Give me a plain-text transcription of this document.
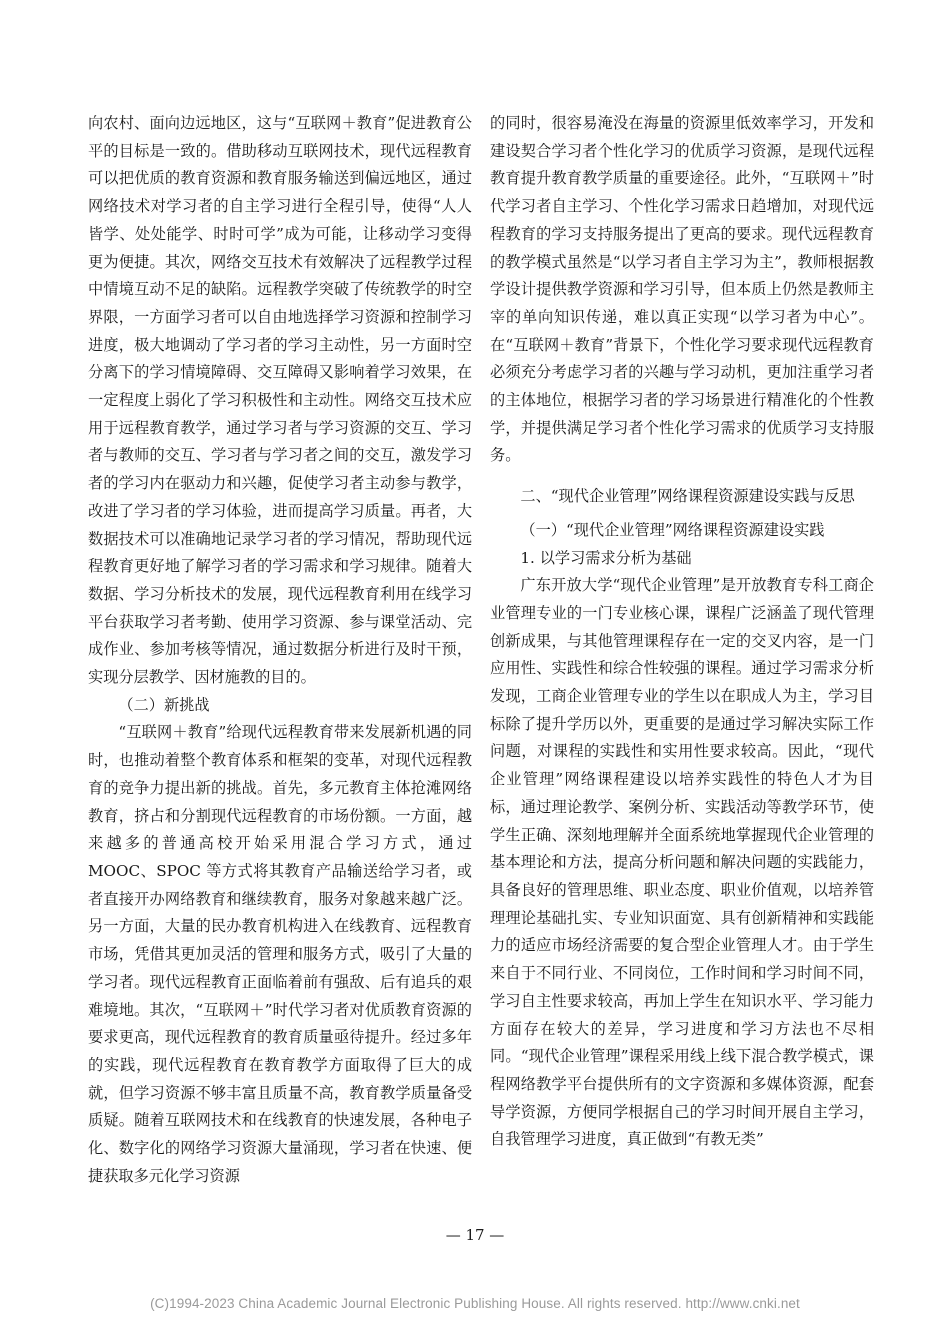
向农村、面向边远地区，这与“互联网＋教育”促进教育公平的目标是一致的。借助移动互联网技术，现代远程教育可以把优质的教育资源和教育服务输送到偏远地区，通过网络技术对学习者的自主学习进行全程引导，使得“人人皆学、处处能学、时时可学”成为可能，让移动学习变得更为便捷。其次，网络交互技术有效解决了远程教学过程中情境互动不足的缺陷。远程教学突破了传统教学的时空界限，一方面学习者可以自由地选择学习资源和控制学习进度，极大地调动了学习者的学习主动性，另一方面时空分离下的学习情境障碍、交互障碍又影响着学习效果，在一定程度上弱化了学习积极性和主动性。网络交互技术应用于远程教育教学，通过学习者与学习资源的交互、学习者与教师的交互、学习者与学习者之间的交互，激发学习者的学习内在驱动力和兴趣，促使学习者主动参与教学，改进了学习者的学习体验，进而提高学习质量。再者，大数据技术可以准确地记录学习者的学习情况，帮助现代远程教育更好地了解学习者的学习需求和学习规律。随着大数据、学习分析技术的发展，现代远程教育利用在线学习平台获取学习者考勤、使用学习资源、参与课堂活动、完成作业、参加考核等情况，通过数据分析进行及时干预，实现分层教学、因材施教的目的。

（二）新挑战

“互联网＋教育”给现代远程教育带来发展新机遇的同时，也推动着整个教育体系和框架的变革，对现代远程教育的竞争力提出新的挑战。首先，多元教育主体抢滩网络教育，挤占和分割现代远程教育的市场份额。一方面，越来越多的普通高校开始采用混合学习方式，通过 MOOC、SPOC 等方式将其教育产品输送给学习者，或者直接开办网络教育和继续教育，服务对象越来越广泛。另一方面，大量的民办教育机构进入在线教育、远程教育市场，凭借其更加灵活的管理和服务方式，吸引了大量的学习者。现代远程教育正面临着前有强敌、后有追兵的艰难境地。其次，“互联网＋”时代学习者对优质教育资源的要求更高，现代远程教育的教育质量亟待提升。经过多年的实践，现代远程教育在教育教学方面取得了巨大的成就，但学习资源不够丰富且质量不高，教育教学质量备受质疑。随着互联网技术和在线教育的快速发展，各种电子化、数字化的网络学习资源大量涌现，学习者在快速、便捷获取多元化学习资源

的同时，很容易淹没在海量的资源里低效率学习，开发和建设契合学习者个性化学习的优质学习资源，是现代远程教育提升教育教学质量的重要途径。此外，“互联网＋”时代学习者自主学习、个性化学习需求日趋增加，对现代远程教育的学习支持服务提出了更高的要求。现代远程教育的教学模式虽然是“以学习者自主学习为主”，教师根据教学设计提供教学资源和学习引导，但本质上仍然是教师主宰的单向知识传递，难以真正实现“以学习者为中心”。在“互联网＋教育”背景下，个性化学习要求现代远程教育必须充分考虑学习者的兴趣与学习动机，更加注重学习者的主体地位，根据学习者的学习场景进行精准化的个性教学，并提供满足学习者个性化学习需求的优质学习支持服务。

二、“现代企业管理”网络课程资源建设实践与反思

（一）“现代企业管理”网络课程资源建设实践

1. 以学习需求分析为基础

广东开放大学“现代企业管理”是开放教育专科工商企业管理专业的一门专业核心课，课程广泛涵盖了现代管理创新成果，与其他管理课程存在一定的交叉内容，是一门应用性、实践性和综合性较强的课程。通过学习需求分析发现，工商企业管理专业的学生以在职成人为主，学习目标除了提升学历以外，更重要的是通过学习解决实际工作问题，对课程的实践性和实用性要求较高。因此，“现代企业管理”网络课程建设以培养实践性的特色人才为目标，通过理论教学、案例分析、实践活动等教学环节，使学生正确、深刻地理解并全面系统地掌握现代企业管理的基本理论和方法，提高分析问题和解决问题的实践能力，具备良好的管理思维、职业态度、职业价值观，以培养管理理论基础扎实、专业知识面宽、具有创新精神和实践能力的适应市场经济需要的复合型企业管理人才。由于学生来自于不同行业、不同岗位，工作时间和学习时间不同，学习自主性要求较高，再加上学生在知识水平、学习能力方面存在较大的差异，学习进度和学习方法也不尽相同。“现代企业管理”课程采用线上线下混合教学模式，课程网络教学平台提供所有的文字资源和多媒体资源，配套导学资源，方便同学根据自己的学习时间开展自主学习，自我管理学习进度，真正做到“有教无类”

— 17 —
(C)1994-2023 China Academic Journal Electronic Publishing House. All rights reserved. http://www.cnki.net
